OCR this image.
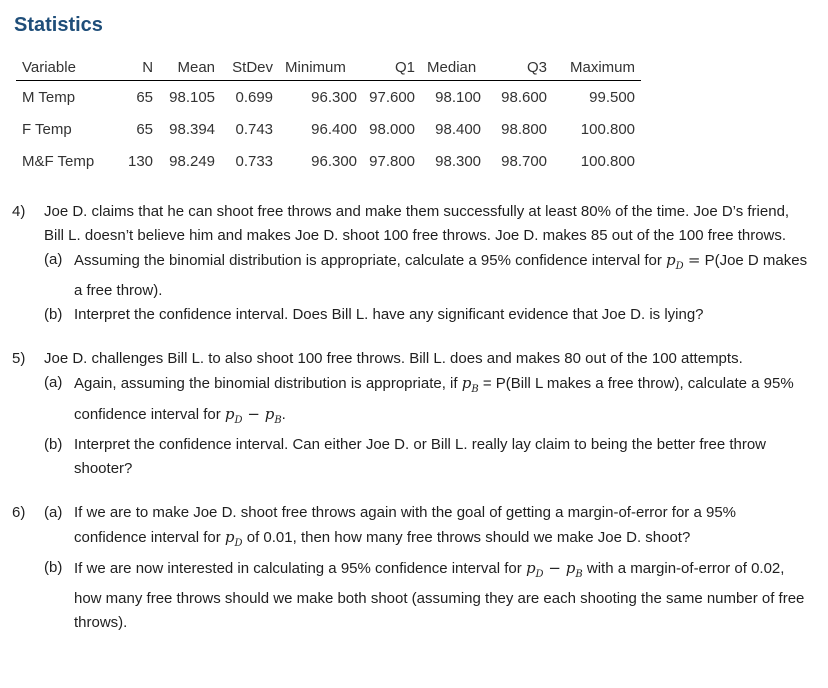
Statistics
Variable	N	Mean	StDev	Minimum	Q1	Median	Q3	Maximum
M Temp	65	98.105	0.699	96.300	97.600	98.100	98.600	99.500
F Temp	65	98.394	0.743	96.400	98.000	98.400	98.800	100.800
M&F Temp	130	98.249	0.733	96.300	97.800	98.300	98.700	100.800
4) Joe D. claims that he can shoot free throws and make them successfully at least 80% of the time. Joe D’s friend, Bill L. doesn’t believe him and makes Joe D. shoot 100 free throws. Joe D. makes 85 out of the 100 free throws.
(a) Assuming the binomial distribution is appropriate, calculate a 95% confidence interval for $p_D = P(Joe$ D makes a free throw).
(b) Interpret the confidence interval. Does Bill L. have any significant evidence that Joe D. is lying?
5) Joe D. challenges Bill L. to also shoot 100 free throws. Bill L. does and makes 80 out of the 100 attempts.
(a) Again, assuming the binomial distribution is appropriate, if $p_B$ = P(Bill L makes a free throw), calculate a 95% confidence interval for $p_D - p_B$.
(b) Interpret the confidence interval. Can either Joe D. or Bill L. really lay claim to being the better free throw shooter?
6) (a) If we are to make Joe D. shoot free throws again with the goal of getting a margin-of-error for a 95% confidence interval for $p_D$ of 0.01, then how many free throws should we make Joe D. shoot?
(b) If we are now interested in calculating a 95% confidence interval for $p_D - p_B$ with a margin-of-error of 0.02, how many free throws should we make both shoot (assuming they are each shooting the same number of free throws).
